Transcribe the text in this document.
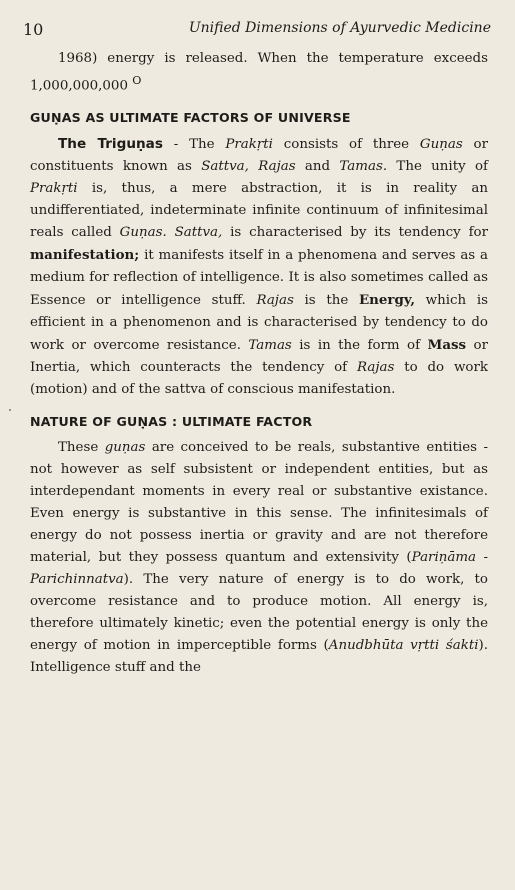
10	Unified Dimensions of Ayurvedic Medicine

1968) energy is released. When the temperature exceeds 1,000,000,000 $^O$

GUṆAS AS ULTIMATE FACTORS OF UNIVERSE

The Triguṇas - The Prakṛti consists of three Guṇas or constituents known as Sattva, Rajas and Tamas. The unity of Prakṛti is, thus, a mere abstraction, it is in reality an undifferentiated, indeterminate infinite continuum of infinitesimal reals called Guṇas. Sattva, is characterised by its tendency for manifestation; it manifests itself in a phenomena and serves as a medium for reflection of intelligence. It is also sometimes called as Essence or intelligence stuff. Rajas is the Energy, which is efficient in a phenomenon and is characterised by tendency to do work or overcome resistance. Tamas is in the form of Mass or Inertia, which counteracts the tendency of Rajas to do work (motion) and of the sattva of conscious manifestation.

NATURE OF GUṆAS : ULTIMATE FACTOR

These guṇas are conceived to be reals, substantive entities - not however as self subsistent or independent entities, but as interdependant moments in every real or substantive existance. Even energy is substantive in this sense. The infinitesimals of energy do not possess inertia or gravity and are not therefore material, but they possess quantum and extensivity (Pariṇāma - Parichinnatva). The very nature of energy is to do work, to overcome resistance and to produce motion. All energy is, therefore ultimately kinetic; even the potential energy is only the energy of motion in imperceptible forms (Anudbhūta vṛtti śakti). Intelligence stuff and the
